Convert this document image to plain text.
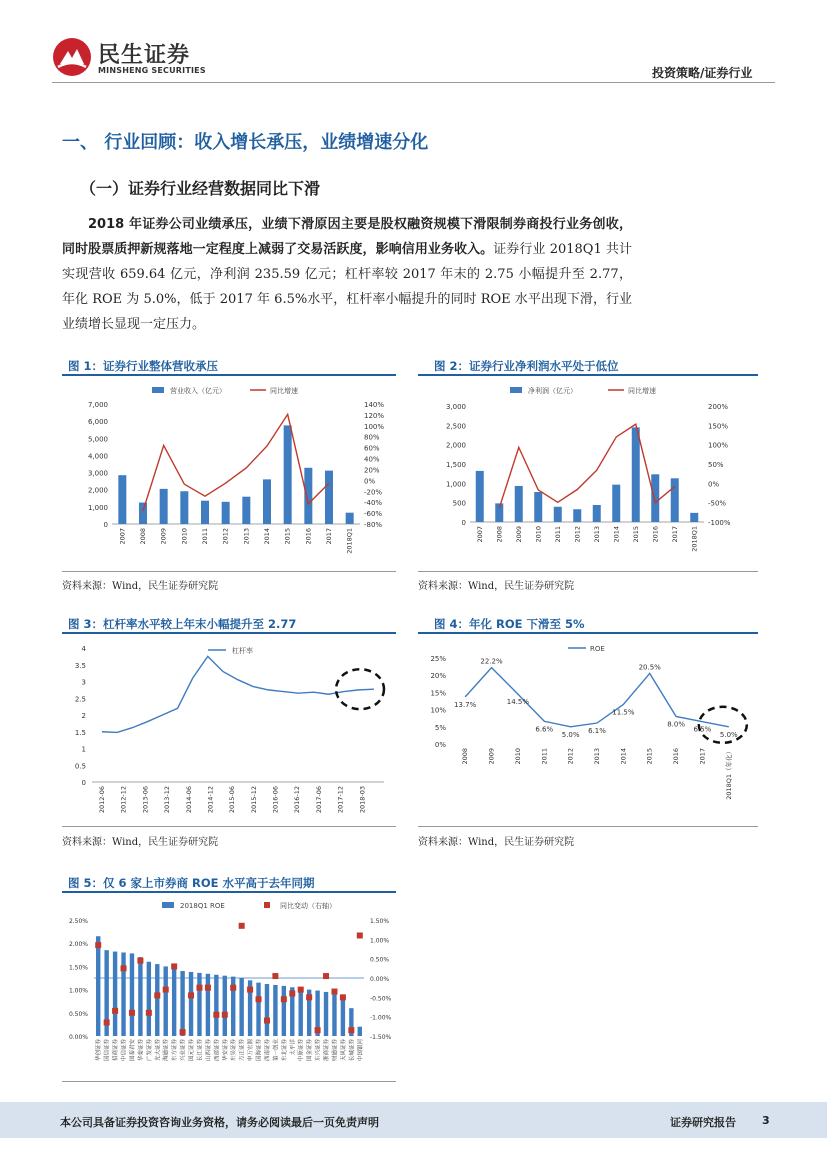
民生证券
MINSHENG SECURITIES	投资策略/证券行业
一、 行业回顾：收入增长承压，业绩增速分化
（一）证券行业经营数据同比下滑
2018 年证券公司业绩承压，业绩下滑原因主要是股权融资规模下滑限制券商投行业务创收，同时股票质押新规落地一定程度上减弱了交易活跃度，影响信用业务收入。证券行业 2018Q1 共计实现营收 659.64 亿元，净利润 235.59 亿元；杠杆率较 2017 年末的 2.75 小幅提升至 2.77，年化 ROE 为 5.0%，低于 2017 年 6.5%水平，杠杆率小幅提升的同时 ROE 水平出现下滑，行业业绩增长显现一定压力。
图 1：证券行业整体营收承压
0
1,000
2,000
3,000
4,000
5,000
6,000
7,000
-80%
-60%
-40%
-20%
0%
20%
40%
60%
80%
100%
120%
140%
2007 2008 2009 2010 2011 2012 2013 2014 2015 2016 2017 2018Q1
营业收入（亿元）	同比增速
资料来源：Wind，民生证券研究院
图 2：证券行业净利润水平处于低位
0
500
1,000
1,500
2,000
2,500
3,000
-100%
-50%
0%
50%
100%
150%
200%
2007 2008 2009 2010 2011 2012 2013 2014 2015 2016 2017 2018Q1
净利润（亿元）	同比增速
资料来源：Wind，民生证券研究院
图 3：杠杆率水平较上年末小幅提升至 2.77
0
0.5
1
1.5
2
2.5
3
3.5
4
2012-06 2012-12 2013-06 2013-12 2014-06 2014-12 2015-06 2015-12 2016-06 2016-12 2017-06 2017-12 2018-03
杠杆率
资料来源：Wind，民生证券研究院
图 4：年化 ROE 下滑至 5%
0%
5%
10%
15%
20%
25%
13.7%
22.2%
14.5%
6.6%
5.0% 6.1%
11.5%
20.5%
8.0%
6.5%
5.0%
2008	2009	2010	2011	2012	2013	2014	2015	2016	2017	2018Q1（年化）
ROE
资料来源：Wind，民生证券研究院
图 5：仅 6 家上市券商 ROE 水平高于去年同期
0.00%
0.50%
1.00%
1.50%
2.00%
2.50%
-1.50%
-1.00%
-0.50%
0.00%
0.50%
1.00%
1.50%
华创证券 国信证券 招商证券 中信证券 国泰君安 华泰证券 广发证券 光大证券 海通证券 东方证券 兴业证券 国元证券 长江证券 山西证券 西部证券 华安证券 东吴证券 方正证券 申万宏源 国海证券 西南证券 第一创业 东北证券 太平洋 中原证券 国金证券 东兴证券 浙商证券 财通证券 天风证券 长城证券 中国银河
2018Q1 ROE	同比变动（右轴）
本公司具备证券投资咨询业务资格，请务必阅读最后一页免责声明	证券研究报告 3
